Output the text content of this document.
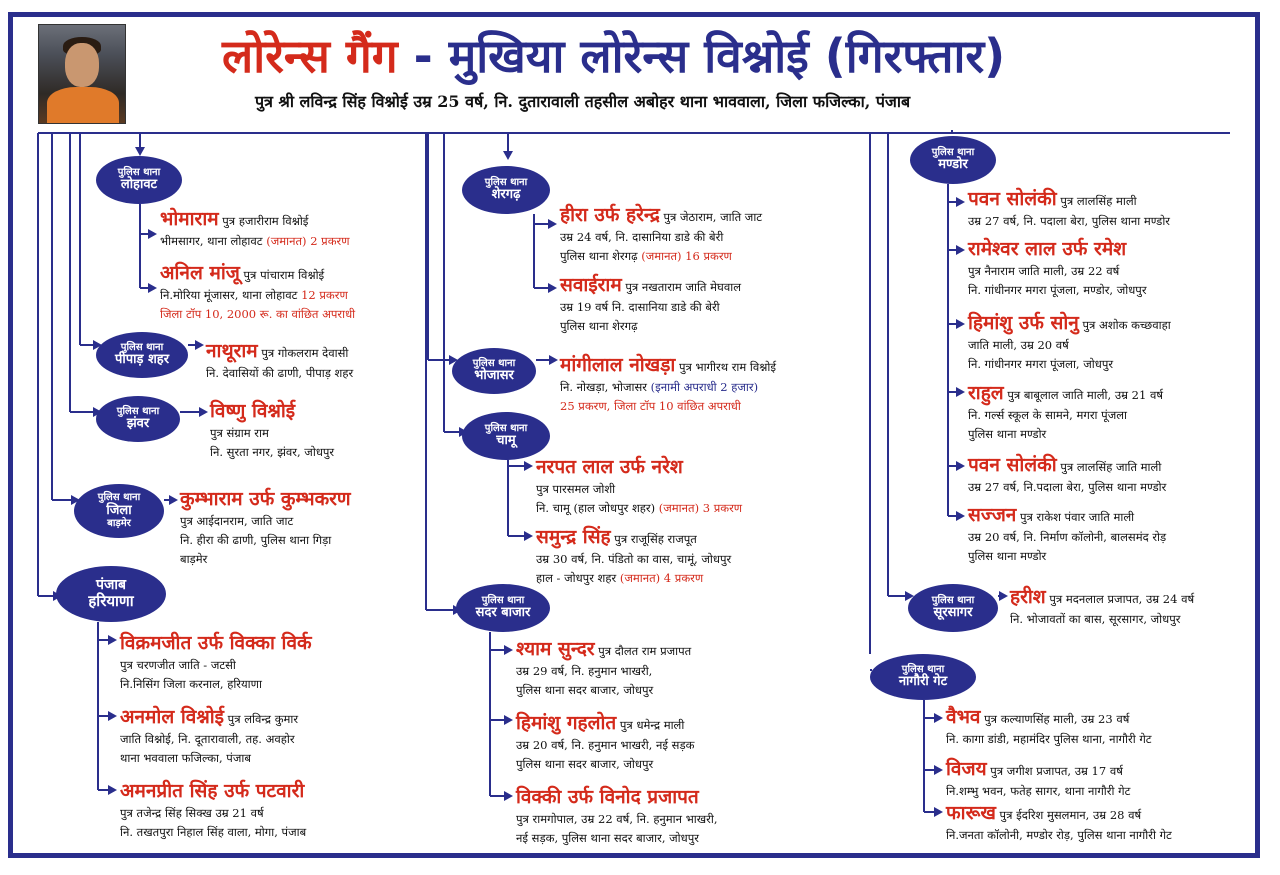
लोरेन्स गैंग - मुखिया लोरेन्स विश्नोई (गिरफ्तार)
पुत्र श्री लविन्द्र सिंह विश्नोई उम्र 25 वर्ष, नि. दुतारावाली तहसील अबोहर थाना भाववाला, जिला फजिल्का, पंजाब
पुलिस थाना
लोहावट
भोमाराम पुत्र हजारीराम विश्नोई
भीमसागर, थाना लोहावट (जमानत) 2 प्रकरण
अनिल मांजू पुत्र पांचाराम विश्नोई
नि.मोरिया मूंजासर, थाना लोहावट 12 प्रकरण
जिला टॉप 10, 2000 रू. का वांछित अपराधी
पुलिस थाना
पीपाड़ शहर नाथूराम पुत्र गोकलराम देवासी
नि. देवासियों की ढाणी, पीपाड़ शहर
पुलिस थाना
झंवर
विष्णु विश्नोई
पुत्र संग्राम राम
नि. सुरता नगर, झंवर, जोधपुर
पुलिस थाना
जिला
बाड़मेर
कुम्भाराम उर्फ कुम्भकरण
पुत्र आईदानराम, जाति जाट
नि. हीरा की ढाणी, पुलिस थाना गिड़ा
बाड़मेर
पंजाब
हरियाणा
विक्रमजीत उर्फ विक्का विर्क
पुत्र चरणजीत जाति - जटसी
नि.निसिंग जिला करनाल, हरियाणा
अनमोल विश्नोई पुत्र लविन्द्र कुमार
जाति विश्नोई, नि. दूतारावाली, तह. अवहोर
थाना भववाला फजिल्का, पंजाब
अमनप्रीत सिंह उर्फ पटवारी
पुत्र तजेन्द्र सिंह सिक्ख उम्र 21 वर्ष
नि. तखतपुरा निहाल सिंह वाला, मोगा, पंजाब
पुलिस थाना
शेरगढ़
हीरा उर्फ हरेन्द्र पुत्र जेठाराम, जाति जाट
उम्र 24 वर्ष, नि. दासानिया डाडे की बेरी
पुलिस थाना शेरगढ़ (जमानत) 16 प्रकरण
सवाईराम पुत्र नखताराम जाति मेघवाल
उम्र 19 वर्ष नि. दासानिया डाडे की बेरी
पुलिस थाना शेरगढ़
पुलिस थाना
भोजासर मांगीलाल नोखड़ा पुत्र भागीरथ राम विश्नोई
नि. नोखड़ा, भोजासर (इनामी अपराधी 2 हजार)
25 प्रकरण, जिला टॉप 10 वांछित अपराधी
पुलिस थाना
चामू
नरपत लाल उर्फ नरेश
पुत्र पारसमल जोशी
नि. चामू (हाल जोधपुर शहर) (जमानत) 3 प्रकरण
समुन्द्र सिंह पुत्र राजूसिंह राजपूत
उम्र 30 वर्ष, नि. पंडितो का वास, चामूं, जोधपुर
हाल - जोधपुर शहर (जमानत) 4 प्रकरण
पुलिस थाना
सदर बाजार
श्याम सुन्दर पुत्र दौलत राम प्रजापत
उम्र 29 वर्ष, नि. हनुमान भाखरी,
पुलिस थाना सदर बाजार, जोधपुर
हिमांशु गहलोत पुत्र धमेन्द्र माली
उम्र 20 वर्ष, नि. हनुमान भाखरी, नई सड़क
पुलिस थाना सदर बाजार, जोधपुर
विक्की उर्फ विनोद प्रजापत
पुत्र रामगोपाल, उम्र 22 वर्ष, नि. हनुमान भाखरी,
नई सड़क, पुलिस थाना सदर बाजार, जोधपुर
पुलिस थाना
मण्डोर
पवन सोलंकी पुत्र लालसिंह माली
उम्र 27 वर्ष, नि. पदाला बेरा, पुलिस थाना मण्डोर
रामेश्वर लाल उर्फ रमेश
पुत्र नैनाराम जाति माली, उम्र 22 वर्ष
नि. गांधीनगर मगरा पूंजला, मण्डोर, जोधपुर
हिमांशु उर्फ सोनु पुत्र अशोक कच्छवाहा
जाति माली, उम्र 20 वर्ष
नि. गांधीनगर मगरा पूंजला, जोधपुर
राहुल पुत्र बाबूलाल जाति माली, उम्र 21 वर्ष
नि. गर्ल्स स्कूल के सामने, मगरा पूंजला
पुलिस थाना मण्डोर
पवन सोलंकी पुत्र लालसिंह जाति माली
उम्र 27 वर्ष, नि.पदाला बेरा, पुलिस थाना मण्डोर
सज्जन पुत्र राकेश पंवार जाति माली
उम्र 20 वर्ष, नि. निर्माण कॉलोनी, बालसमंद रोड़
पुलिस थाना मण्डोर
पुलिस थाना
सूरसागर
हरीश पुत्र मदनलाल प्रजापत, उम्र 24 वर्ष
नि. भोजावतों का बास, सूरसागर, जोधपुर
पुलिस थाना
नागौरी गेट
वैभव पुत्र कल्याणसिंह माली, उम्र 23 वर्ष
नि. कागा डांडी, महामंदिर पुलिस थाना, नागौरी गेट
विजय पुत्र जगीश प्रजापत, उम्र 17 वर्ष
नि.शम्भु भवन, फतेह सागर, थाना नागौरी गेट
फारूख पुत्र ईदरिश मुसलमान, उम्र 28 वर्ष
नि.जनता कॉलोनी, मण्डोर रोड़, पुलिस थाना नागौरी गेट
